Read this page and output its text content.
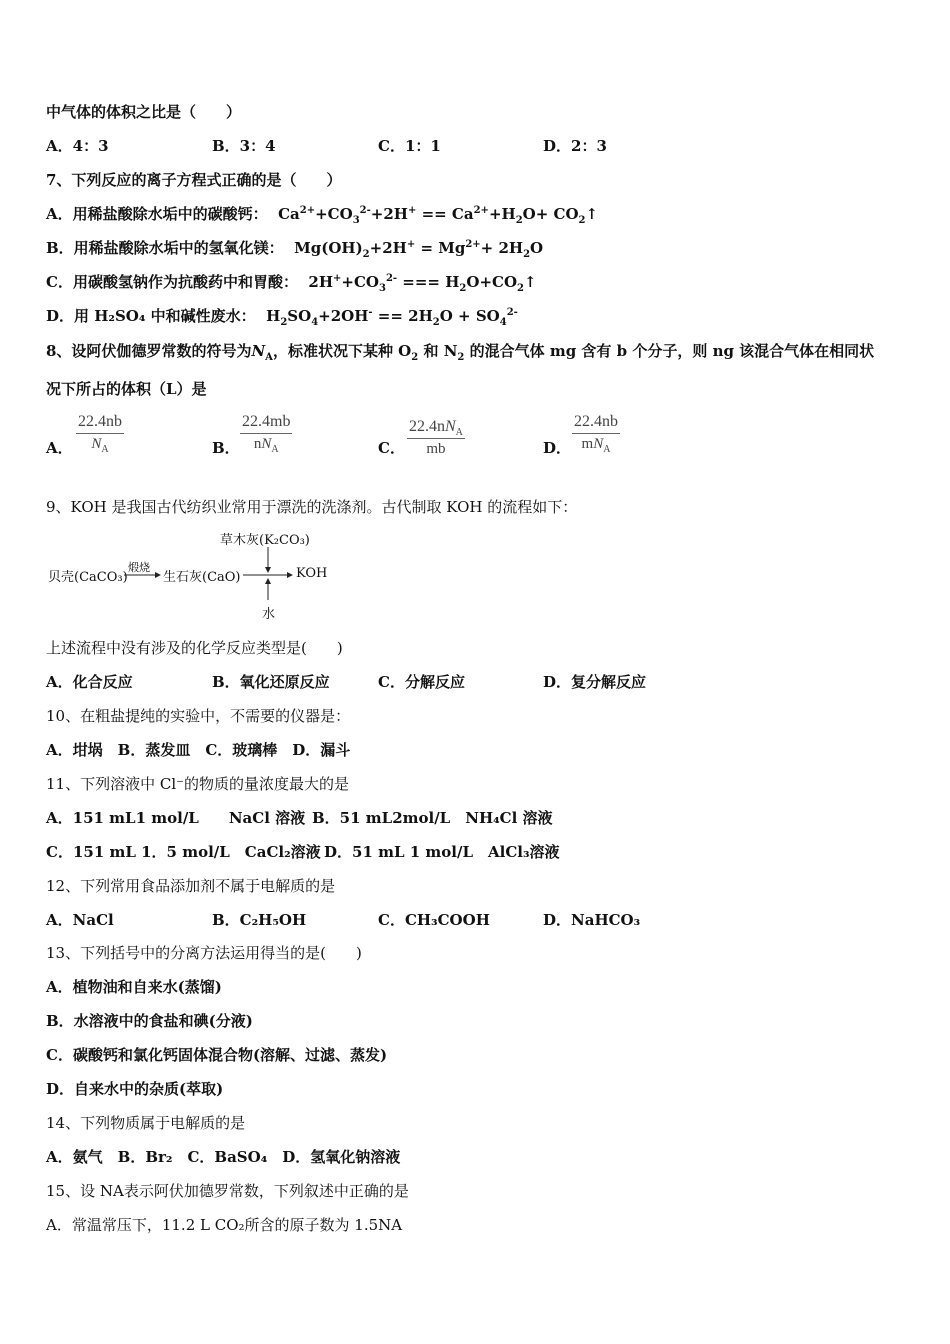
中气体的体积之比是（　　）
A．4：3	B．3：4	C．1：1	D．2：3
7、下列反应的离子方程式正确的是（　　）
A．用稀盐酸除水垢中的碳酸钙：  $Ca^{2+}+CO_3^{2-}+2H^+ == Ca^{2+}+H_2O+$ $CO_2↑$
B．用稀盐酸除水垢中的氢氧化镁：  $Mg(OH)_2+2H^+ = Mg^{2+}+ 2H_2O$
C．用碳酸氢钠作为抗酸药中和胃酸：  $2H^++CO_3^{2-}$ === $H_2O+CO_2↑$
D．用 H₂SO₄ 中和碱性废水：  $H_2SO_4+2OH^- == 2H_2O + SO_4^{2-}$
8、设阿伏伽德罗常数的符号为$N_A$，标准状况下某种 $O_2$ 和 $N_2$ 的混合气体 mg 含有 b 个分子，则 ng 该混合气体在相同状
况下所占的体积（L）是
A．
22.4nb
$N_A$	B．
22.4mb
$nN_A$	C．
$22.4nN_A$
mb	D．
22.4nb
$mN_A$
9、KOH 是我国古代纺织业常用于漂洗的洗涤剂。古代制取 KOH 的流程如下：
草木灰(K₂CO₃)
贝壳(CaCO₃)
煅烧
生石灰(CaO)	KOH
水
上述流程中没有涉及的化学反应类型是(　　)
A．化合反应	B．氧化还原反应	C．分解反应	D．复分解反应
10、在粗盐提纯的实验中，不需要的仪器是：
A．坩埚　B．蒸发皿　C．玻璃棒　D．漏斗
11、下列溶液中 Cl⁻的物质的量浓度最大的是
A．151 mL1 mol/L　　NaCl 溶液 B．51 mL2mol/L　NH₄Cl 溶液
C．151 mL 1．5 mol/L　CaCl₂溶液 D．51 mL 1 mol/L　AlCl₃溶液
12、下列常用食品添加剂不属于电解质的是
A．NaCl	B．C₂H₅OH	C．CH₃COOH	D．NaHCO₃
13、下列括号中的分离方法运用得当的是(　　)
A．植物油和自来水(蒸馏)
B．水溶液中的食盐和碘(分液)
C．碳酸钙和氯化钙固体混合物(溶解、过滤、蒸发)
D．自来水中的杂质(萃取)
14、下列物质属于电解质的是
A．氨气　B．Br₂　C．BaSO₄　D．氢氧化钠溶液
15、设 NA表示阿伏加德罗常数，下列叙述中正确的是
A．常温常压下，11.2 L CO₂所含的原子数为 1.5NA
